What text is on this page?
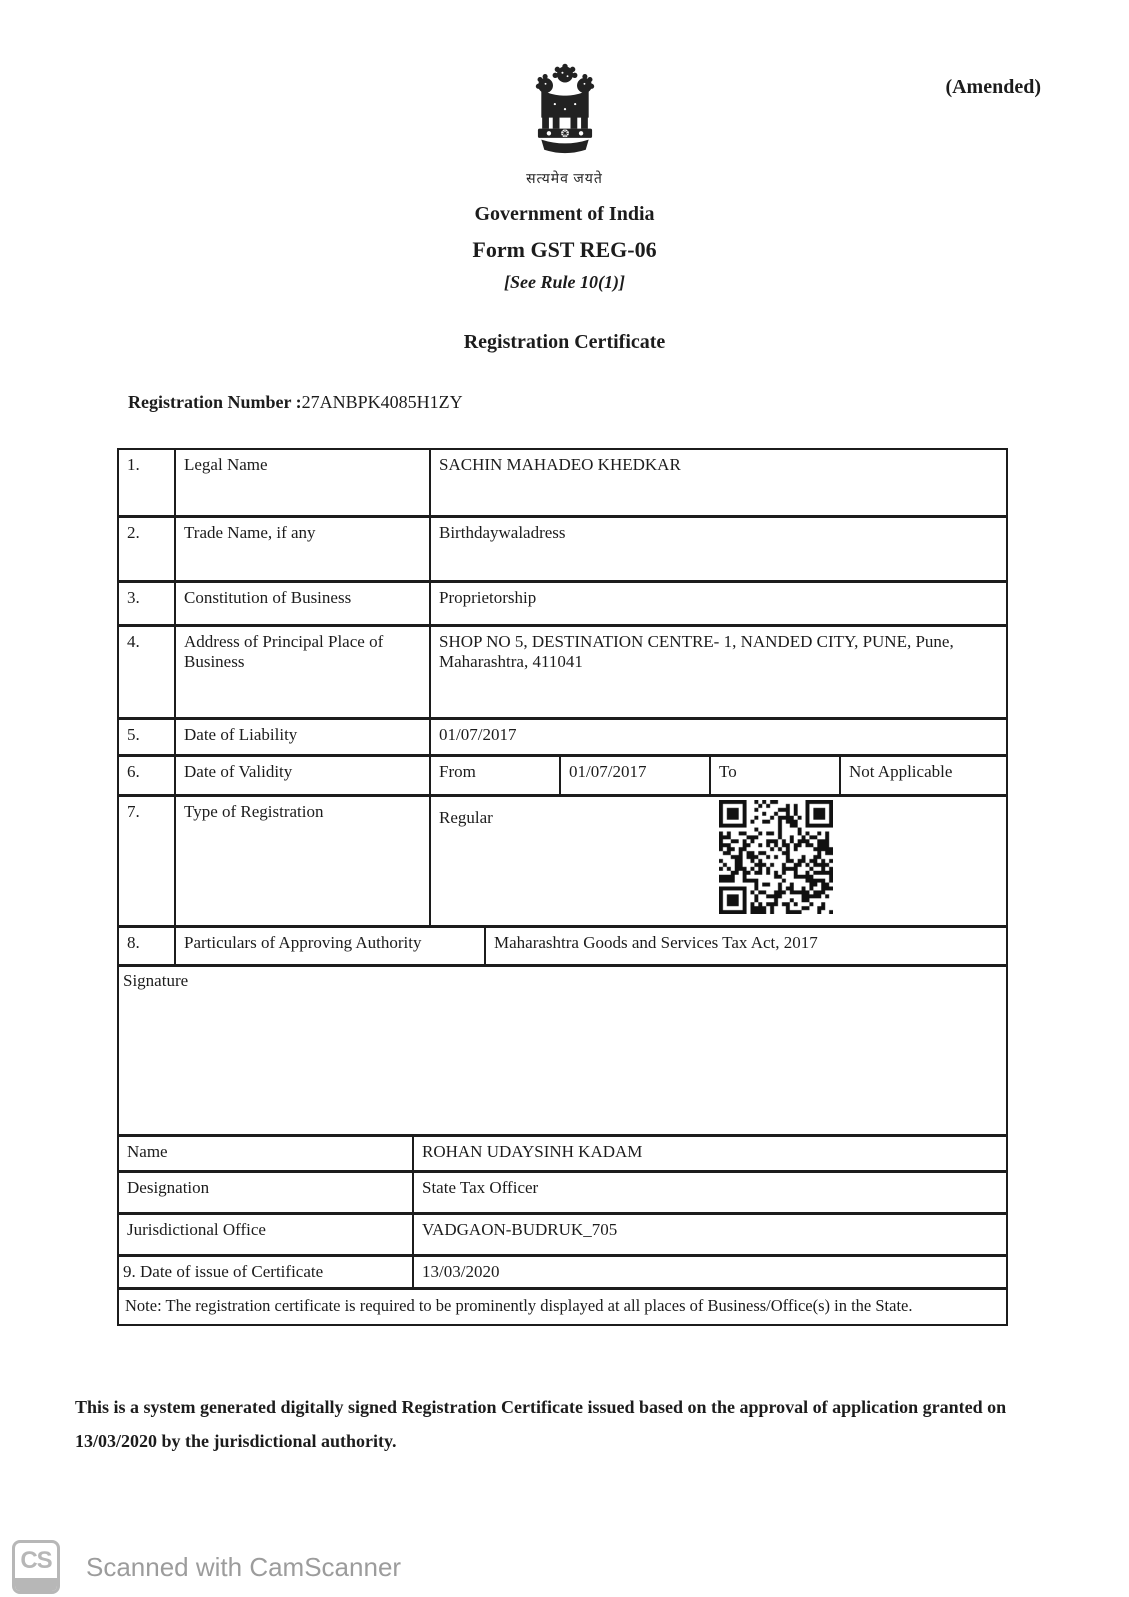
(Amended)
सत्यमेव जयते
Government of India
Form GST REG-06
[See Rule 10(1)]
Registration Certificate
Registration Number :27ANBPK4085H1ZY
1.	Legal Name	SACHIN MAHADEO KHEDKAR
2.	Trade Name, if any	Birthdaywaladress
3.	Constitution of Business	Proprietorship
4.	Address of Principal Place of Business
SHOP NO 5, DESTINATION CENTRE- 1, NANDED CITY, PUNE, Pune, Maharashtra, 411041
5.	Date of Liability	01/07/2017
6.	Date of Validity	From	01/07/2017	To	Not Applicable
7.	Type of Registration	Regular
8.	Particulars of Approving Authority	Maharashtra Goods and Services Tax Act, 2017
Signature
Name	ROHAN UDAYSINH KADAM
Designation	State Tax Officer
Jurisdictional Office	VADGAON-BUDRUK_705
9. Date of issue of Certificate	13/03/2020
Note: The registration certificate is required to be prominently displayed at all places of Business/Office(s) in the State.
This is a system generated digitally signed Registration Certificate issued based on the approval of application granted on 13/03/2020 by the jurisdictional authority.
CS Scanned with CamScanner
